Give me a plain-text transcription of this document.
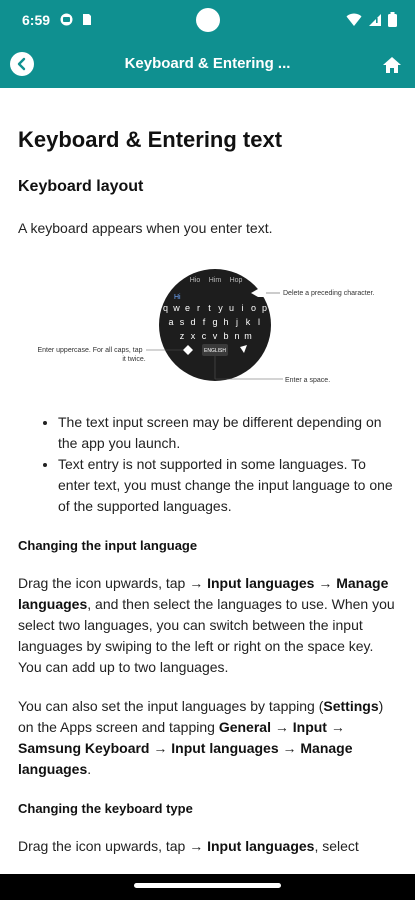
6:59
Keyboard & Entering ...
Keyboard & Entering text
Keyboard layout

A keyboard appears when you enter text.

Hio Him Hop
Hi
q w e r t y u i o p
a s d f g h j k l
z x c v b n m
ENGLISH
Delete a preceding character.
Enter uppercase. For all caps, tap
it twice.
Enter a space.
• The text input screen may be different depending on the app you launch.
• Text entry is not supported in some languages. To enter text, you must change the input language to one of the supported languages.
Changing the input language

Drag the icon upwards, tap → Input languages → Manage languages, and then select the languages to use. When you select two languages, you can switch between the input languages by swiping to the left or right on the space key. You can add up to two languages.

You can also set the input languages by tapping (Settings) on the Apps screen and tapping General → Input → Samsung Keyboard → Input languages → Manage languages.

Changing the keyboard type

Drag the icon upwards, tap → Input languages, select
